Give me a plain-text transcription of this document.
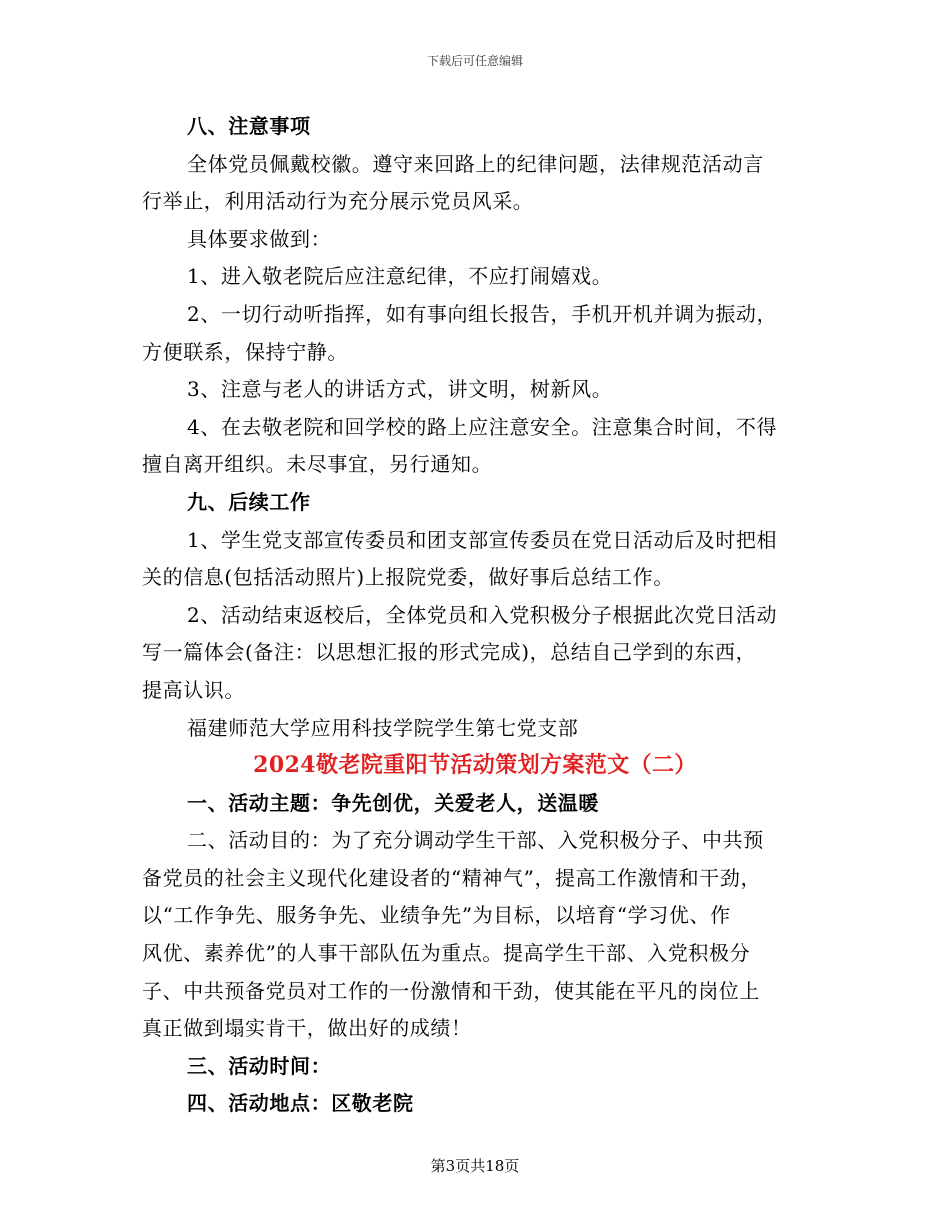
下载后可任意编辑
八、注意事项
全体党员佩戴校徽。遵守来回路上的纪律问题，法律规范活动言
行举止，利用活动行为充分展示党员风采。
具体要求做到：
1、进入敬老院后应注意纪律，不应打闹嬉戏。
2、一切行动听指挥，如有事向组长报告，手机开机并调为振动，
方便联系，保持宁静。
3、注意与老人的讲话方式，讲文明，树新风。
4、在去敬老院和回学校的路上应注意安全。注意集合时间，不得
擅自离开组织。未尽事宜，另行通知。
九、后续工作
1、学生党支部宣传委员和团支部宣传委员在党日活动后及时把相
关的信息(包括活动照片)上报院党委，做好事后总结工作。
2、活动结束返校后，全体党员和入党积极分子根据此次党日活动
写一篇体会(备注：以思想汇报的形式完成)，总结自己学到的东西，
提高认识。
福建师范大学应用科技学院学生第七党支部
2024敬老院重阳节活动策划方案范文（二）
一、活动主题：争先创优，关爱老人，送温暖
二、活动目的：为了充分调动学生干部、入党积极分子、中共预
备党员的社会主义现代化建设者的“精神气”，提高工作激情和干劲，
以“工作争先、服务争先、业绩争先”为目标，以培育“学习优、作
风优、素养优”的人事干部队伍为重点。提高学生干部、入党积极分
子、中共预备党员对工作的一份激情和干劲，使其能在平凡的岗位上
真正做到塌实肯干，做出好的成绩！
三、活动时间：
四、活动地点：区敬老院
第3页共18页
